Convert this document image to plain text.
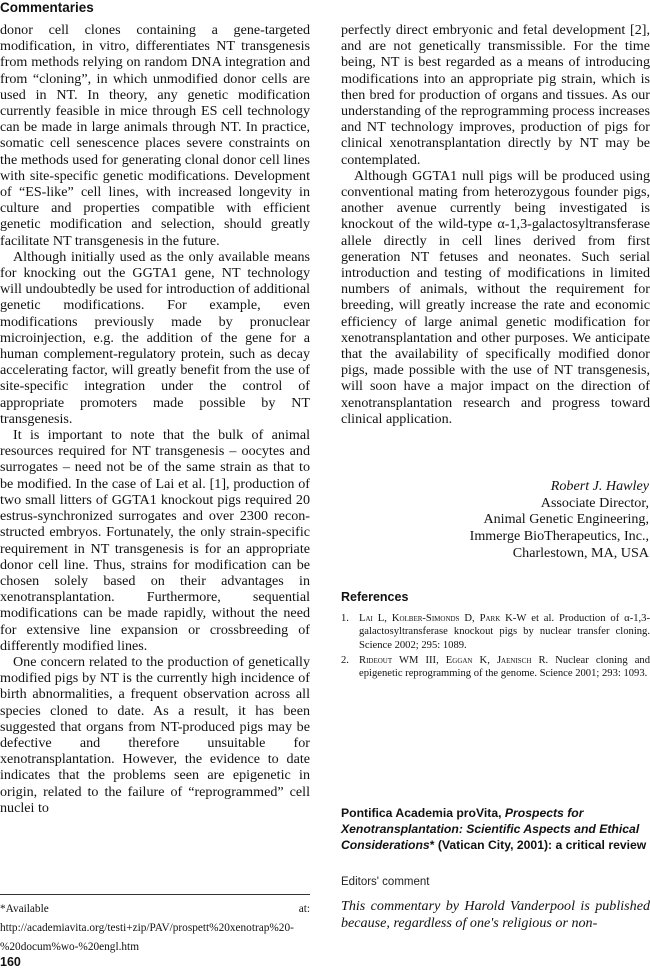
Commentaries

donor cell clones containing a gene-targeted modification, in vitro, differentiates NT transgenesis from methods relying on random DNA integration and from “cloning”, in which unmodified donor cells are used in NT. In theory, any genetic modification currently feasible in mice through ES cell technology can be made in large animals through NT. In practice, somatic cell senescence places severe constraints on the methods used for generating clonal donor cell lines with site-specific genetic modifications. Development of “ES-like” cell lines, with increased longevity in culture and properties compatible with efficient genetic modification and selection, should greatly facilitate NT transgenesis in the future.

Although initially used as the only available means for knocking out the GGTA1 gene, NT technology will undoubtedly be used for introduction of additional genetic modifications. For example, even modifications previously made by pronuclear microinjection, e.g. the addition of the gene for a human complement-regulatory protein, such as decay accelerating factor, will greatly benefit from the use of site-specific integration under the control of appropriate promoters made possible by NT transgenesis.

It is important to note that the bulk of animal resources required for NT transgenesis – oocytes and surrogates – need not be of the same strain as that to be modified. In the case of Lai et al. [1], production of two small litters of GGTA1 knockout pigs required 20 estrus-synchronized surrogates and over 2300 reconstructed embryos. Fortunately, the only strain-specific requirement in NT transgenesis is for an appropriate donor cell line. Thus, strains for modification can be chosen solely based on their advantages in xenotransplantation. Furthermore, sequential modifications can be made rapidly, without the need for extensive line expansion or crossbreeding of differently modified lines.

One concern related to the production of genetically modified pigs by NT is the currently high incidence of birth abnormalities, a frequent observation across all species cloned to date. As a result, it has been suggested that organs from NT-produced pigs may be defective and therefore unsuitable for xenotransplantation. However, the evidence to date indicates that the problems seen are epigenetic in origin, related to the failure of “reprogrammed” cell nuclei to

perfectly direct embryonic and fetal development [2], and are not genetically transmissible. For the time being, NT is best regarded as a means of introducing modifications into an appropriate pig strain, which is then bred for production of organs and tissues. As our understanding of the reprogramming process increases and NT technology improves, production of pigs for clinical xenotransplantation directly by NT may be contemplated.

Although GGTA1 null pigs will be produced using conventional mating from heterozygous founder pigs, another avenue currently being investigated is knockout of the wild-type α-1,3-galactosyltransferase allele directly in cell lines derived from first generation NT fetuses and neonates. Such serial introduction and testing of modifications in limited numbers of animals, without the requirement for breeding, will greatly increase the rate and economic efficiency of large animal genetic modification for xenotransplantation and other purposes. We anticipate that the availability of specifically modified donor pigs, made possible with the use of NT transgenesis, will soon have a major impact on the direction of xenotransplantation research and progress toward clinical application.

Robert J. Hawley
Associate Director,
Animal Genetic Engineering,
Immerge BioTherapeutics, Inc.,
Charlestown, MA, USA
References
1. Lai L, Kolber-Simonds D, Park K-W et al. Production of α-1,3-galactosyltransferase knockout pigs by nuclear transfer cloning. Science 2002; 295: 1089.
2. Rideout WM III, Eggan K, Jaenisch R. Nuclear cloning and epigenetic reprogramming of the genome. Science 2001; 293: 1093.
Pontifica Academia proVita, Prospects for Xenotransplantation: Scientific Aspects and Ethical Considerations* (Vatican City, 2001): a critical review
Editors' comment

This commentary by Harold Vanderpool is published because, regardless of one's religious or non-

*Available at: http://academiavita.org/testi+zip/PAV/prospett%20xenotrap%20-%20docum%wo-%20engl.htm

160
